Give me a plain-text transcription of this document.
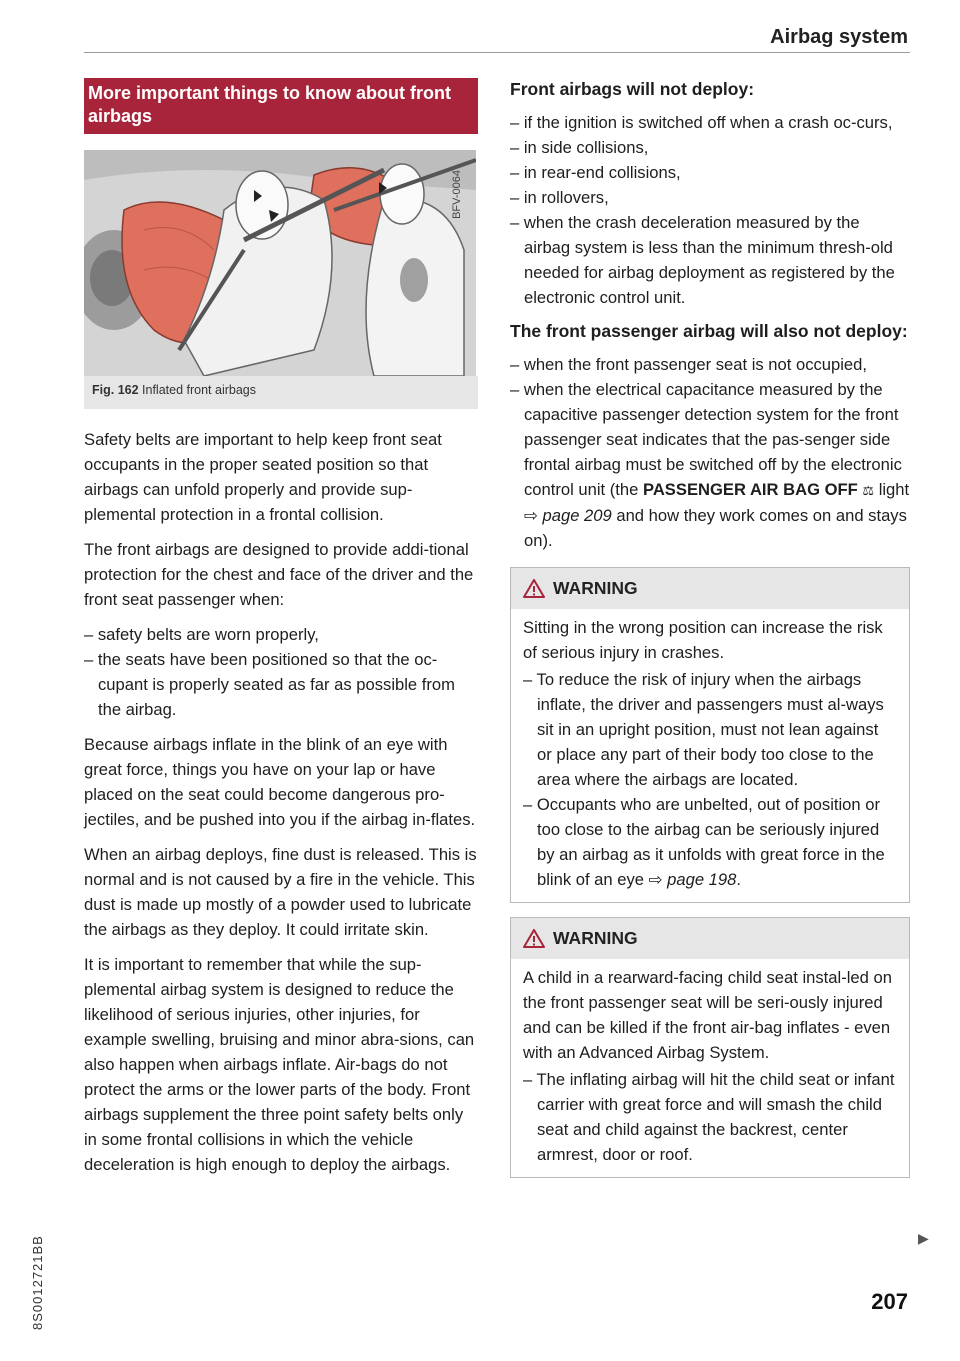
Airbag system
More important things to know about front airbags
BFV-0064
Fig. 162 Inflated front airbags

Safety belts are important to help keep front seat occupants in the proper seated position so that airbags can unfold properly and provide sup-plemental protection in a frontal collision.

The front airbags are designed to provide addi-tional protection for the chest and face of the driver and the front seat passenger when:

– safety belts are worn properly,
– the seats have been positioned so that the oc-cupant is properly seated as far as possible from the airbag.

Because airbags inflate in the blink of an eye with great force, things you have on your lap or have placed on the seat could become dangerous pro-jectiles, and be pushed into you if the airbag in-flates.

When an airbag deploys, fine dust is released. This is normal and is not caused by a fire in the vehicle. This dust is made up mostly of a powder used to lubricate the airbags as they deploy. It could irritate skin.

It is important to remember that while the sup-plemental airbag system is designed to reduce the likelihood of serious injuries, other injuries, for example swelling, bruising and minor abra-sions, can also happen when airbags inflate. Air-bags do not protect the arms or the lower parts of the body. Front airbags supplement the three point safety belts only in some frontal collisions in which the vehicle deceleration is high enough to deploy the airbags.

Front airbags will not deploy:
– if the ignition is switched off when a crash oc-curs,
– in side collisions,
– in rear-end collisions,
– in rollovers,
– when the crash deceleration measured by the airbag system is less than the minimum thresh-old needed for airbag deployment as registered by the electronic control unit.
The front passenger airbag will also not deploy:
– when the front passenger seat is not occupied,
– when the electrical capacitance measured by the capacitive passenger detection system for the front passenger seat indicates that the pas-senger side frontal airbag must be switched off by the electronic control unit (the PASSENGER AIR BAG OFF ⚖ light ⇨ page 209 and how they work comes on and stays on).
WARNING

Sitting in the wrong position can increase the risk of serious injury in crashes.

– To reduce the risk of injury when the airbags inflate, the driver and passengers must al-ways sit in an upright position, must not lean against or place any part of their body too close to the area where the airbags are located.
– Occupants who are unbelted, out of position or too close to the airbag can be seriously injured by an airbag as it unfolds with great force in the blink of an eye ⇨ page 198.
WARNING

A child in a rearward-facing child seat instal-led on the front passenger seat will be seri-ously injured and can be killed if the front air-bag inflates - even with an Advanced Airbag System.

– The inflating airbag will hit the child seat or infant carrier with great force and will smash the child seat and child against the backrest, center armrest, door or roof.
▶
207
8S0012721BB
